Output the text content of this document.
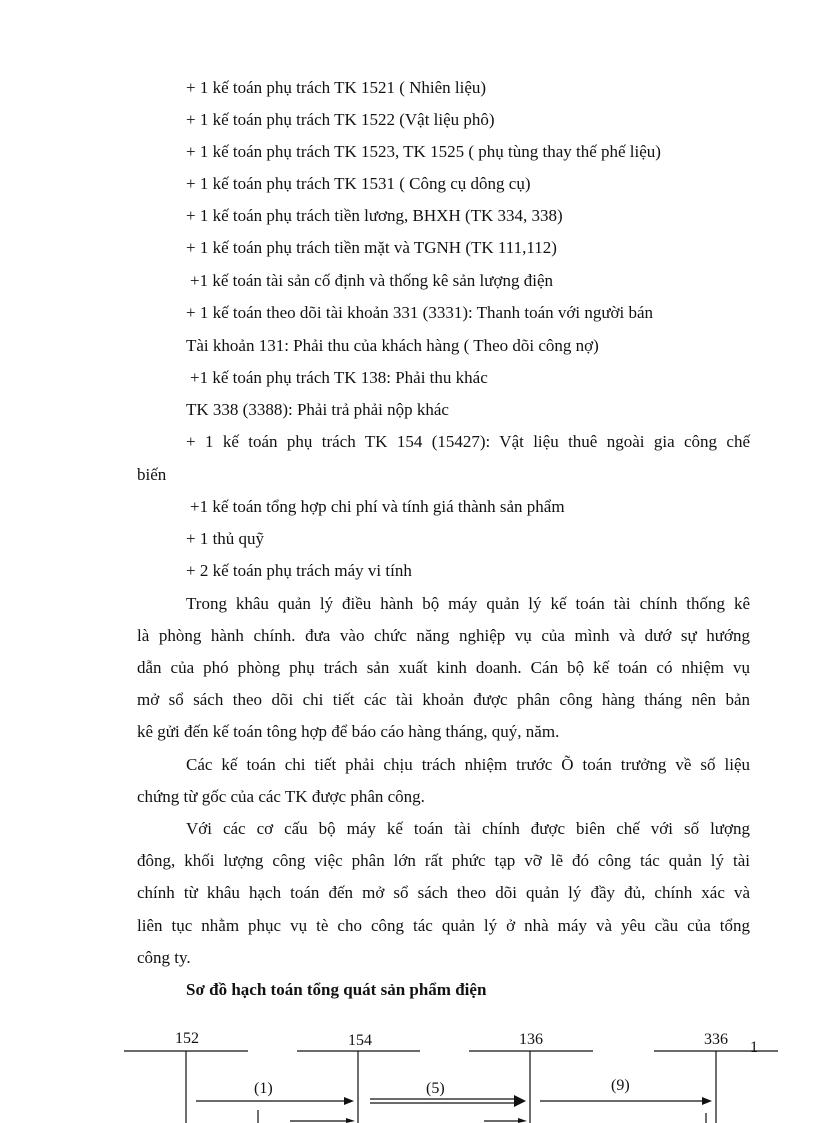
+ 1 kế toán phụ trách TK 1521 ( Nhiên liệu)
+ 1 kế toán phụ trách TK 1522 (Vật liệu phô)
+ 1 kế toán phụ trách TK 1523, TK 1525 ( phụ tùng thay thế phế liệu)
+ 1 kế toán phụ trách TK 1531 ( Công cụ dông cụ)
+ 1 kế toán phụ trách tiền lương, BHXH (TK 334, 338)
+ 1 kế toán phụ trách tiền mặt và TGNH (TK 111,112)
+1 kế toán tài sản cố định và thống kê sản lượng điện
+ 1 kế toán theo dõi tài khoản 331 (3331): Thanh toán với người bán
Tài khoản 131: Phải thu của khách hàng ( Theo dõi công nợ)
+1 kế toán phụ trách TK 138: Phải thu khác
TK 338 (3388): Phải trả phải nộp khác
+ 1 kế toán phụ trách TK 154 (15427): Vật liệu thuê ngoài gia công chế
biến
+1 kế toán tổng hợp chi phí và tính giá thành sản phẩm
+ 1 thủ quỹ
+ 2 kế toán phụ trách máy vi tính
Trong khâu quản lý điều hành bộ máy quản lý kế toán tài chính thống kê
là phòng hành chính. đưa vào chức năng nghiệp vụ của mình và dướ sự hướng
dẫn của phó phòng phụ trách sản xuất kinh doanh. Cán bộ kế toán có nhiệm vụ
mở sổ sách theo dõi chi tiết các tài khoản được phân công hàng tháng nên bản
kê gửi đến kế toán tông hợp để báo cáo hàng tháng, quý, năm.
Các kế toán chi tiết phải chịu trách nhiệm trước Õ toán trưởng về số liệu
chứng từ gốc của các TK được phân công.
Với các cơ cấu bộ máy kế toán tài chính được biên chế với số lượng
đông, khối lượng công việc phân lớn rất phức tạp vỡ lẽ đó công tác quản lý tài
chính từ khâu hạch toán đến mở sổ sách theo dõi quản lý đầy đủ, chính xác và
liên tục nhằm phục vụ tè cho công tác quản lý ở nhà máy và yêu cầu của tổng
công ty.
Sơ đồ hạch toán tổng quát sản phẩm điện
152	154	136	336
(1)	(5)	(9)
1
